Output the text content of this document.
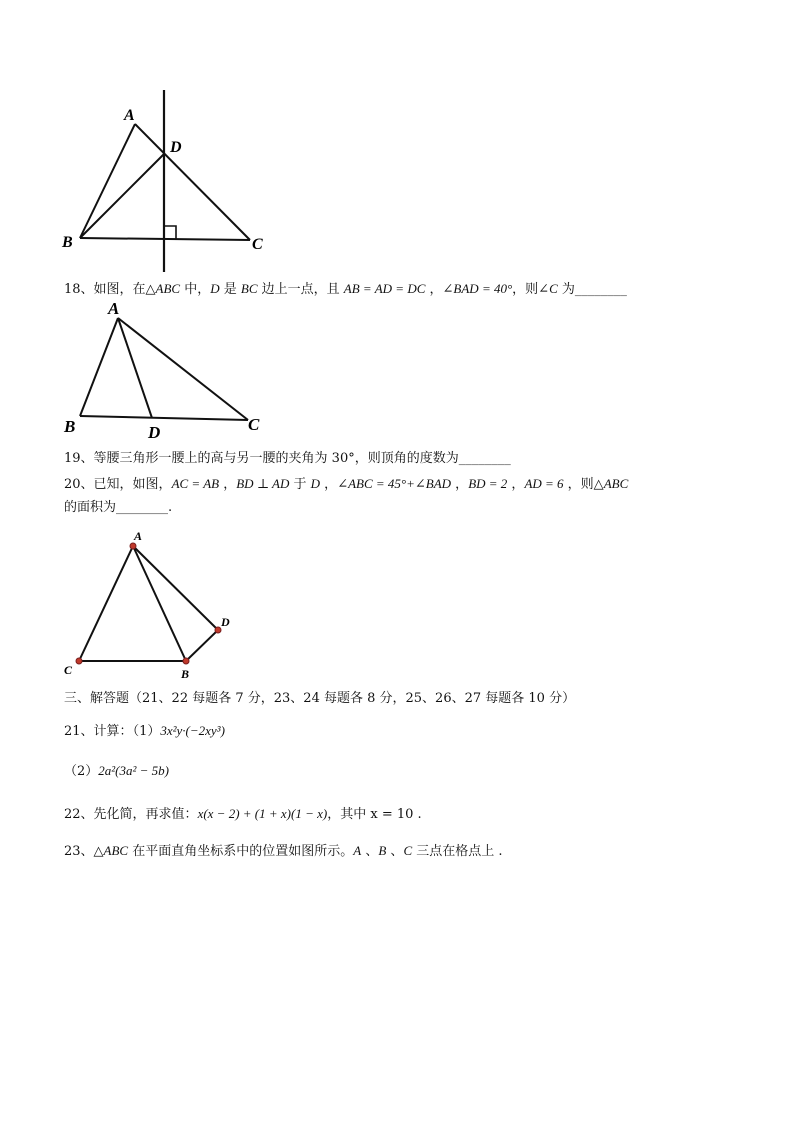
A
B	C
D
18、如图，在△ABC 中，D 是 BC 边上一点，且 AB = AD = DC ，∠BAD = 40°，则∠C 为________
A
B	D	C
19、等腰三角形一腰上的高与另一腰的夹角为 30°，则顶角的度数为________
20、已知，如图，AC = AB ，BD ⊥ AD 于 D ，∠ABC = 45°+∠BAD ，BD = 2 ，AD = 6 ，则△ABC
的面积为________.
A
C	B
D
三、解答题（21、22 每题各 7 分，23、24 每题各 8 分，25、26、27 每题各 10 分）
21、计算：（1）3x²y·(−2xy³)
（2）2a²(3a² − 5b)
22、先化简，再求值：x(x − 2) + (1 + x)(1 − x)，其中 x = 10 .
23、△ABC 在平面直角坐标系中的位置如图所示。A 、B 、C 三点在格点上 .
